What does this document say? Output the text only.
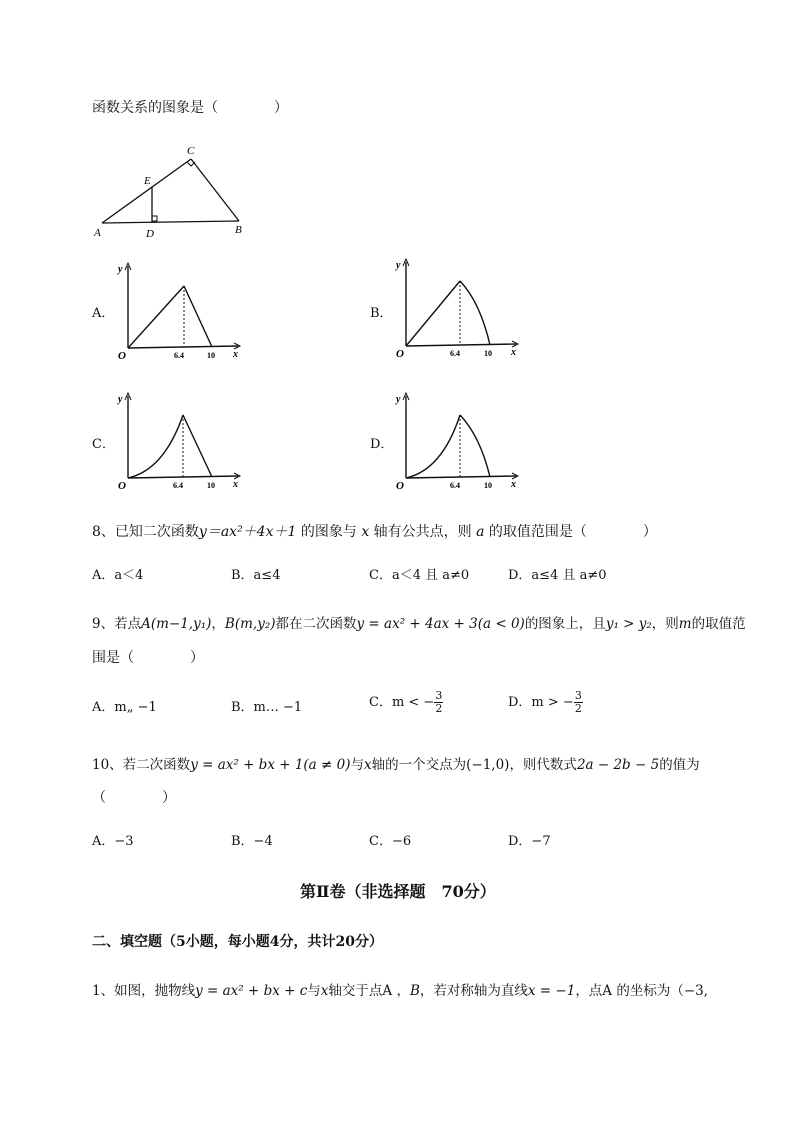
函数关系的图象是（　　　　）
A	B
C
D
E
A．
y
x
O	6.4	10
B．
y
x
O	6.4	10
C．
y
x
O	6.4	10
D．
y
x
O	6.4	10
8、已知二次函数y＝ax²＋4x＋1 的图象与 x 轴有公共点，则 a 的取值范围是（　　　　）
A．a＜4	B．a≤4	C．a＜4 且 a≠0	D．a≤4 且 a≠0
9、若点A(m−1,y₁)，B(m,y₂)都在二次函数y = ax² + 4ax + 3(a < 0)的图象上，且y₁ > y₂，则m的取值范
围是（　　　　）
A．m„ −1	B．m… −1	C．m < − $\frac{3}{2}$	D．m > − $\frac{3}{2}$
10、若二次函数y = ax² + bx + 1(a ≠ 0)与x轴的一个交点为(−1,0)，则代数式2a − 2b − 5的值为
（　　　　）
A．−3	B．−4	C．−6	D．−7
第Ⅱ卷（非选择题　70分）
二、填空题（5小题，每小题4分，共计20分）
1、如图，抛物线y = ax² + bx + c与x轴交于点A ，B，若对称轴为直线x = −1，点A 的坐标为（−3,
